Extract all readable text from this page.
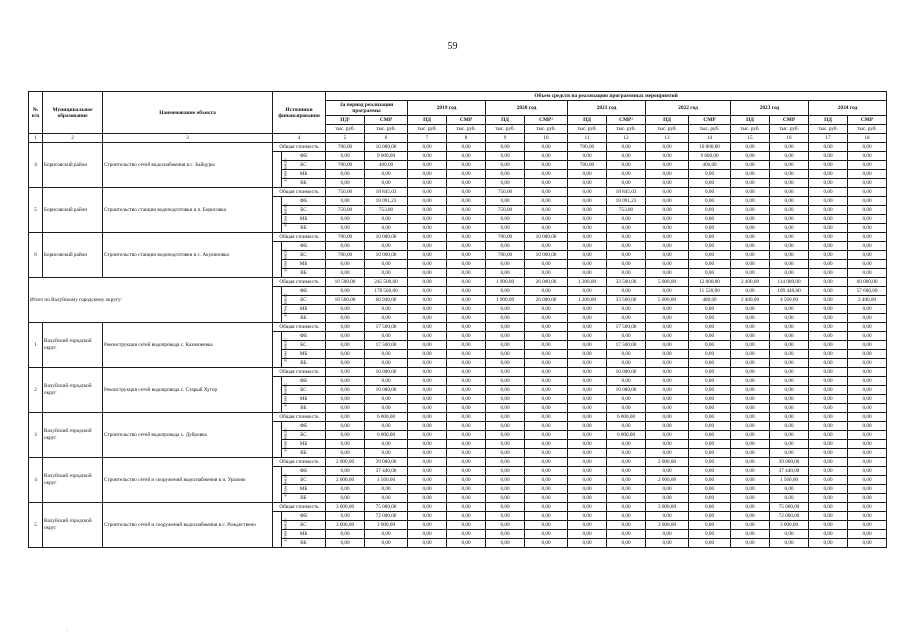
59
№ п/п	Муниципальное образование	Наименование объекта	Источники финансирования		Объем средств на реализацию программных мероприятий													
					За период реализации программы		2019 год		2020 год		2021 год		2022 год		2023 год		2024 год	
					ПД¹	СМР	ПД	СМР	ПД	СМР²	ПД	СМР²	ПД	СМР	ПД	СМР	ПД	СМР
					тыс. руб.	тыс. руб.	тыс. руб.	тыс. руб.	тыс. руб.	тыс. руб.	тыс. руб.	тыс. руб.	тыс. руб.	тыс. руб.	тыс. руб.	тыс. руб.	тыс. руб.	тыс. руб.
1	2	3	4		5	6	7	8	9	10	11	12	13	14	15	16	17	18
4	Борисовский район	Строительство сетей водоснабжения в с. Байцуры	Общая стоимость		700,00	10 000,00	0,00	0,00	0,00	0,00	700,00	0,00	0,00	10 000,00	0,00	0,00	0,00	0,00
			в том числе:	ФБ	0,00	9 600,00	0,00	0,00	0,00	0,00	0,00	0,00	0,00	9 600,00	0,00	0,00	0,00	0,00
				БС	700,00	400,00	0,00	0,00	0,00	0,00	700,00	0,00	0,00	400,00	0,00	0,00	0,00	0,00
				МБ	0,00	0,00	0,00	0,00	0,00	0,00	0,00	0,00	0,00	0,00	0,00	0,00	0,00	0,00
				ВБ	0,00	0,00	0,00	0,00	0,00	0,00	0,00	0,00	0,00	0,00	0,00	0,00	0,00	0,00
5	Борисовский район	Строительство станции водоподготовки в п. Борисовка	Общая стоимость		750,00	18 845,03	0,00	0,00	750,00	0,00	0,00	18 845,03	0,00	0,00	0,00	0,00	0,00	0,00
			в том числе:	ФБ	0,00	18 091,23	0,00	0,00	0,00	0,00	0,00	18 091,23	0,00	0,00	0,00	0,00	0,00	0,00
				БС	750,00	753,80	0,00	0,00	750,00	0,00	0,00	753,80	0,00	0,00	0,00	0,00	0,00	0,00
				МБ	0,00	0,00	0,00	0,00	0,00	0,00	0,00	0,00	0,00	0,00	0,00	0,00	0,00	0,00
				ВБ	0,00	0,00	0,00	0,00	0,00	0,00	0,00	0,00	0,00	0,00	0,00	0,00	0,00	0,00
6	Борисовский район	Строительство станции водоподготовки в с. Акулиновка	Общая стоимость		700,00	10 000,00	0,00	0,00	700,00	10 000,00	0,00	0,00	0,00	0,00	0,00	0,00	0,00	0,00
			в том числе:	ФБ	0,00	0,00	0,00	0,00	0,00	0,00	0,00	0,00	0,00	0,00	0,00	0,00	0,00	0,00
				БС	700,00	10 000,00	0,00	0,00	700,00	10 000,00	0,00	0,00	0,00	0,00	0,00	0,00	0,00	0,00
				МБ	0,00	0,00	0,00	0,00	0,00	0,00	0,00	0,00	0,00	0,00	0,00	0,00	0,00	0,00
				ВБ	0,00	0,00	0,00	0,00	0,00	0,00	0,00	0,00	0,00	0,00	0,00	0,00	0,00	0,00
Итого по Валуйскому городскому округу:			Общая стоимость		10 500,00	245 500,00	0,00	0,00	1 900,00	26 000,00	1 200,00	33 500,00	5 000,00	12 000,00	2 400,00	114 000,00	0,00	60 000,00
			в том числе:	ФБ	0,00	178 560,00	0,00	0,00	0,00	0,00	0,00	0,00	0,00	11 520,00	0,00	109 440,00	0,00	57 600,00
				БС	10 500,00	66 940,00	0,00	0,00	1 900,00	26 000,00	1 200,00	33 500,00	5 000,00	480,00	2 400,00	4 560,00	0,00	2 400,00
				МБ	0,00	0,00	0,00	0,00	0,00	0,00	0,00	0,00	0,00	0,00	0,00	0,00	0,00	0,00
				ВБ	0,00	0,00	0,00	0,00	0,00	0,00	0,00	0,00	0,00	0,00	0,00	0,00	0,00	0,00
1	Валуйский городской округ	Реконструкция сетей водопровода с. Казначеевка	Общая стоимость		0,00	17 500,00	0,00	0,00	0,00	0,00	0,00	17 500,00	0,00	0,00	0,00	0,00	0,00	0,00
			в том числе:	ФБ	0,00	0,00	0,00	0,00	0,00	0,00	0,00	0,00	0,00	0,00	0,00	0,00	0,00	0,00
				БС	0,00	17 500,00	0,00	0,00	0,00	0,00	0,00	17 500,00	0,00	0,00	0,00	0,00	0,00	0,00
				МБ	0,00	0,00	0,00	0,00	0,00	0,00	0,00	0,00	0,00	0,00	0,00	0,00	0,00	0,00
				ВБ	0,00	0,00	0,00	0,00	0,00	0,00	0,00	0,00	0,00	0,00	0,00	0,00	0,00	0,00
2	Валуйский городской округ	Реконструкция сетей водопровода с. Старый Хутор	Общая стоимость		0,00	10 000,00	0,00	0,00	0,00	0,00	0,00	10 000,00	0,00	0,00	0,00	0,00	0,00	0,00
			в том числе:	ФБ	0,00	0,00	0,00	0,00	0,00	0,00	0,00	0,00	0,00	0,00	0,00	0,00	0,00	0,00
				БС	0,00	10 000,00	0,00	0,00	0,00	0,00	0,00	10 000,00	0,00	0,00	0,00	0,00	0,00	0,00
				МБ	0,00	0,00	0,00	0,00	0,00	0,00	0,00	0,00	0,00	0,00	0,00	0,00	0,00	0,00
				ВБ	0,00	0,00	0,00	0,00	0,00	0,00	0,00	0,00	0,00	0,00	0,00	0,00	0,00	0,00
3	Валуйский городской округ	Строительство сетей водопровода х. Дубровка	Общая стоимость		0,00	6 000,00	0,00	0,00	0,00	0,00	0,00	6 000,00	0,00	0,00	0,00	0,00	0,00	0,00
			в том числе:	ФБ	0,00	0,00	0,00	0,00	0,00	0,00	0,00	0,00	0,00	0,00	0,00	0,00	0,00	0,00
				БС	0,00	6 000,00	0,00	0,00	0,00	0,00	0,00	6 000,00	0,00	0,00	0,00	0,00	0,00	0,00
				МБ	0,00	0,00	0,00	0,00	0,00	0,00	0,00	0,00	0,00	0,00	0,00	0,00	0,00	0,00
				ВБ	0,00	0,00	0,00	0,00	0,00	0,00	0,00	0,00	0,00	0,00	0,00	0,00	0,00	0,00
4	Валуйский городской округ	Строительство сетей и сооружений водоснабжения в п. Уразово	Общая стоимость		2 000,00	39 000,00	0,00	0,00	0,00	0,00	0,00	0,00	2 000,00	0,00	0,00	39 000,00	0,00	0,00
			в том числе:	ФБ	0,00	37 440,00	0,00	0,00	0,00	0,00	0,00	0,00	0,00	0,00	0,00	37 440,00	0,00	0,00
				БС	2 000,00	1 560,00	0,00	0,00	0,00	0,00	0,00	0,00	2 000,00	0,00	0,00	1 560,00	0,00	0,00
				МБ	0,00	0,00	0,00	0,00	0,00	0,00	0,00	0,00	0,00	0,00	0,00	0,00	0,00	0,00
				ВБ	0,00	0,00	0,00	0,00	0,00	0,00	0,00	0,00	0,00	0,00	0,00	0,00	0,00	0,00
5	Валуйский городской округ	Строительство сетей и сооружений водоснабжения в с. Рождествено	Общая стоимость		3 000,00	75 000,00	0,00	0,00	0,00	0,00	0,00	0,00	3 000,00	0,00	0,00	75 000,00	0,00	0,00
			в том числе:	ФБ	0,00	72 000,00	0,00	0,00	0,00	0,00	0,00	0,00	0,00	0,00	0,00	72 000,00	0,00	0,00
				БС	3 000,00	3 000,00	0,00	0,00	0,00	0,00	0,00	0,00	3 000,00	0,00	0,00	3 000,00	0,00	0,00
				МБ	0,00	0,00	0,00	0,00	0,00	0,00	0,00	0,00	0,00	0,00	0,00	0,00	0,00	0,00
				ВБ	0,00	0,00	0,00	0,00	0,00	0,00	0,00	0,00	0,00	0,00	0,00	0,00	0,00	0,00
·
